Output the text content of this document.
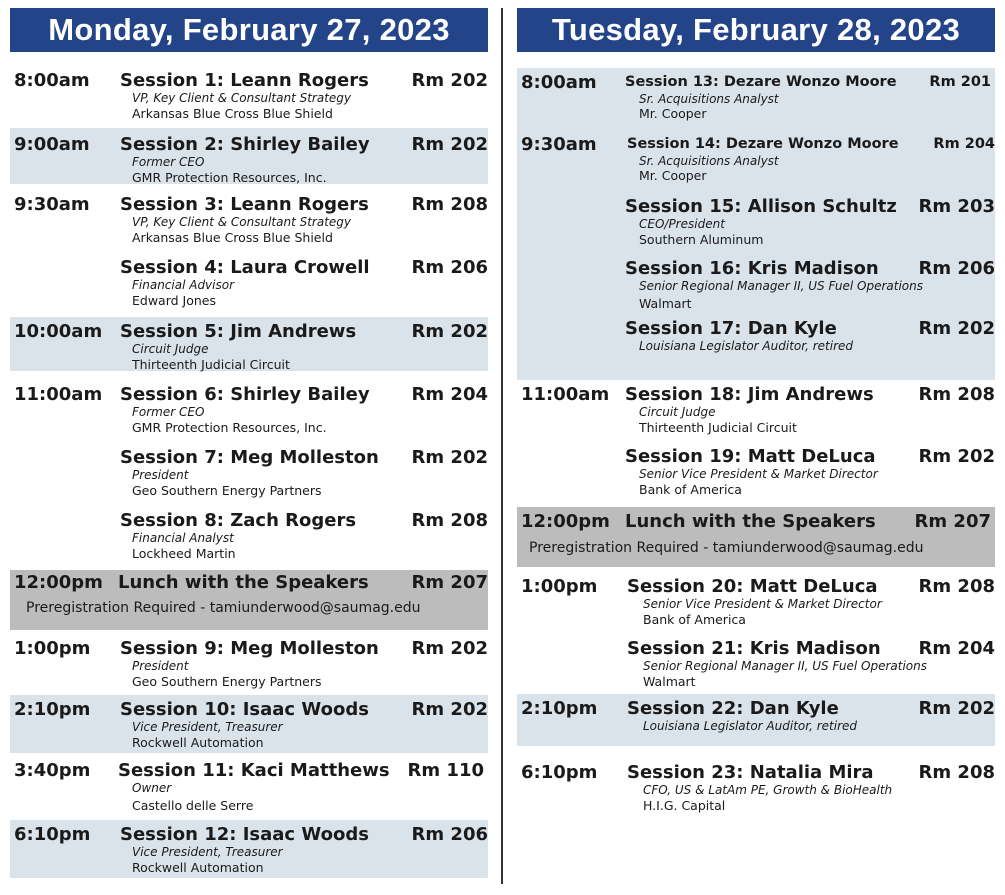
Monday, February 27, 2023
8:00am Session 1: Leann Rogers Rm 202
VP, Key Client & Consultant Strategy
Arkansas Blue Cross Blue Shield
9:00am Session 2: Shirley Bailey Rm 202
Former CEO
GMR Protection Resources, Inc.
9:30am Session 3: Leann Rogers Rm 208
VP, Key Client & Consultant Strategy
Arkansas Blue Cross Blue Shield
Session 4: Laura Crowell Rm 206
Financial Advisor
Edward Jones
10:00am Session 5: Jim Andrews	Rm 202
Circuit Judge
Thirteenth Judicial Circuit
11:00am Session 6: Shirley Bailey Rm 204
Former CEO
GMR Protection Resources, Inc.
Session 7: Meg Molleston Rm 202
President
Geo Southern Energy Partners
Session 8: Zach Rogers	Rm 208
Financial Analyst
Lockheed Martin
12:00pm Lunch with the Speakers Rm 207
Preregistration Required - tamiunderwood@saumag.edu
1:00pm Session 9: Meg Molleston Rm 202
President
Geo Southern Energy Partners
2:10pm Session 10: Isaac Woods Rm 202
Vice President, Treasurer
Rockwell Automation
3:40pm Session 11: Kaci Matthews Rm 110
Owner
Castello delle Serre
6:10pm Session 12: Isaac Woods Rm 206
Vice President, Treasurer
Rockwell Automation
Tuesday, February 28, 2023
8:00am Session 13: Dezare Wonzo Moore Rm 201
Sr. Acquisitions Analyst
Mr. Cooper
9:30am Session 14: Dezare Wonzo Moore Rm 204
Sr. Acquisitions Analyst
Mr. Cooper
Session 15: Allison Schultz Rm 203
CEO/President
Southern Aluminum
Session 16: Kris Madison Rm 206
Senior Regional Manager II, US Fuel Operations
Walmart
Session 17: Dan Kyle	Rm 202
Louisiana Legislator Auditor, retired
11:00am Session 18: Jim Andrews Rm 208
Circuit Judge
Thirteenth Judicial Circuit
Session 19: Matt DeLuca Rm 202
Senior Vice President & Market Director
Bank of America
12:00pm Lunch with the Speakers Rm 207
Preregistration Required - tamiunderwood@saumag.edu
1:00pm Session 20: Matt DeLuca Rm 208
Senior Vice President & Market Director
Bank of America
Session 21: Kris Madison Rm 204
Senior Regional Manager II, US Fuel Operations
Walmart
2:10pm Session 22: Dan Kyle	Rm 202
Louisiana Legislator Auditor, retired
6:10pm Session 23: Natalia Mira Rm 208
CFO, US & LatAm PE, Growth & BioHealth
H.I.G. Capital
